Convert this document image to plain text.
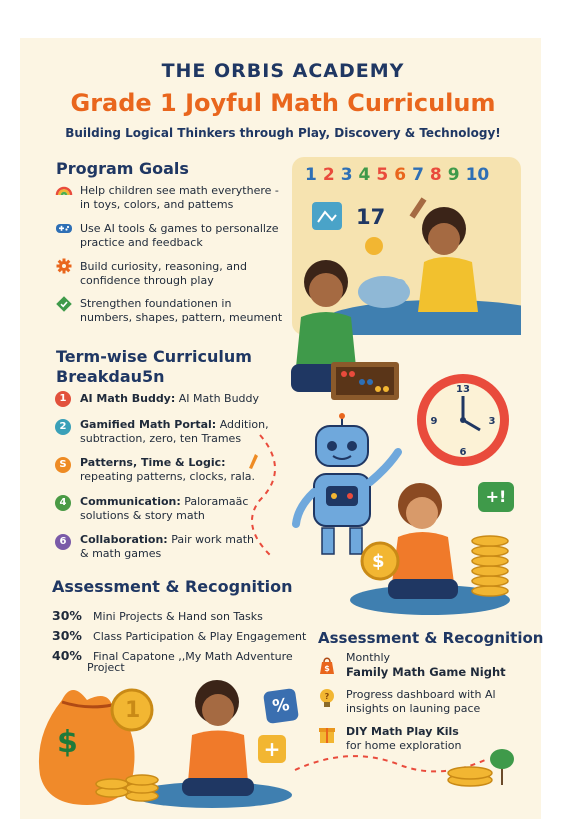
THE ORBIS ACADEMY
Grade 1 Joyful Math Curriculum
Building Logical Thinkers through Play, Discovery & Technology!
Program Goals
Help children see math everythere -
in toys, colors, and pattems
Use AI tools & games to personallze
practice and feedback
Build curiosity, reasoning, and
confidence through play
Strengthen foundationen in
numbers, shapes, pattern, meument
Term-wise Curriculum
Breakdau5n
1	AI Math Buddy: AI Math Buddy
2	Gamified Math Portal: Addition,
subtraction, zero, ten Trames
S	Patterns, Time & Logic:
repeating patterns, clocks, rala.
4	Communication: Paloramaäc
solutions & story math
6	Collaboration: Pair work math
& math games
Assessment & Recognition
30% Mini Projects & Hand son Tasks
30% Class Participation & Play Engagement
40% Final Capatone ,,My Math Adventure
Project
Assessment & Recognition
$
Monthly
Family Math Game Night
? Progress dashboard with Al
insights on launing pace
DIY Math Play Kils
for home exploration
1 2 3 4 5 6 7 8 9 10
17
13
3
6
9
$
+!
$
1	%
+
